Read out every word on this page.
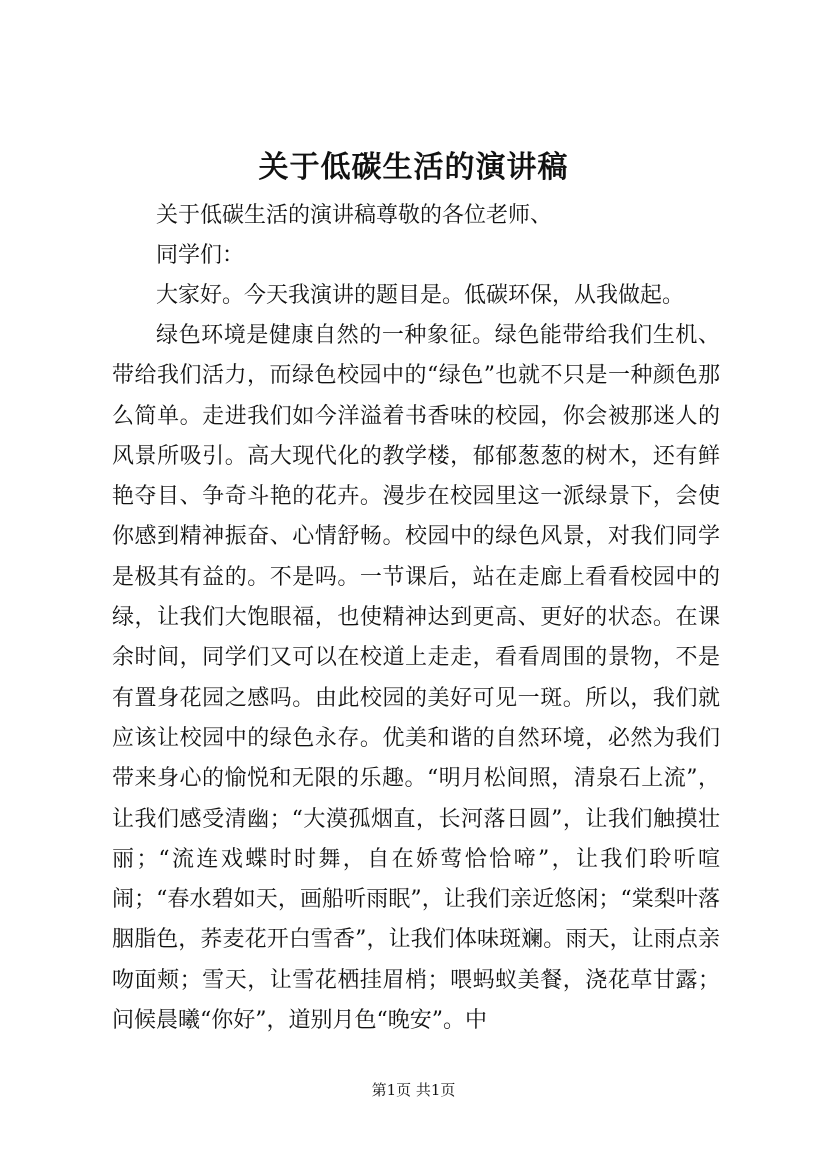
关于低碳生活的演讲稿

关于低碳生活的演讲稿尊敬的各位老师、

同学们：

大家好。今天我演讲的题目是。低碳环保，从我做起。

绿色环境是健康自然的一种象征。绿色能带给我们生机、带给我们活力，而绿色校园中的“绿色”也就不只是一种颜色那么简单。走进我们如今洋溢着书香味的校园，你会被那迷人的风景所吸引。高大现代化的教学楼，郁郁葱葱的树木，还有鲜艳夺目、争奇斗艳的花卉。漫步在校园里这一派绿景下，会使你感到精神振奋、心情舒畅。校园中的绿色风景，对我们同学是极其有益的。不是吗。一节课后，站在走廊上看看校园中的绿，让我们大饱眼福，也使精神达到更高、更好的状态。在课余时间，同学们又可以在校道上走走，看看周围的景物，不是有置身花园之感吗。由此校园的美好可见一斑。所以，我们就应该让校园中的绿色永存。优美和谐的自然环境，必然为我们带来身心的愉悦和无限的乐趣。“明月松间照，清泉石上流”，让我们感受清幽；“大漠孤烟直，长河落日圆”，让我们触摸壮丽；“流连戏蝶时时舞，自在娇莺恰恰啼”，让我们聆听喧闹；“春水碧如天，画船听雨眠”，让我们亲近悠闲；“棠梨叶落胭脂色，荞麦花开白雪香”，让我们体味斑斓。雨天，让雨点亲吻面颊；雪天，让雪花栖挂眉梢；喂蚂蚁美餐，浇花草甘露；问候晨曦“你好”，道别月色“晚安”。中

第1页 共1页
